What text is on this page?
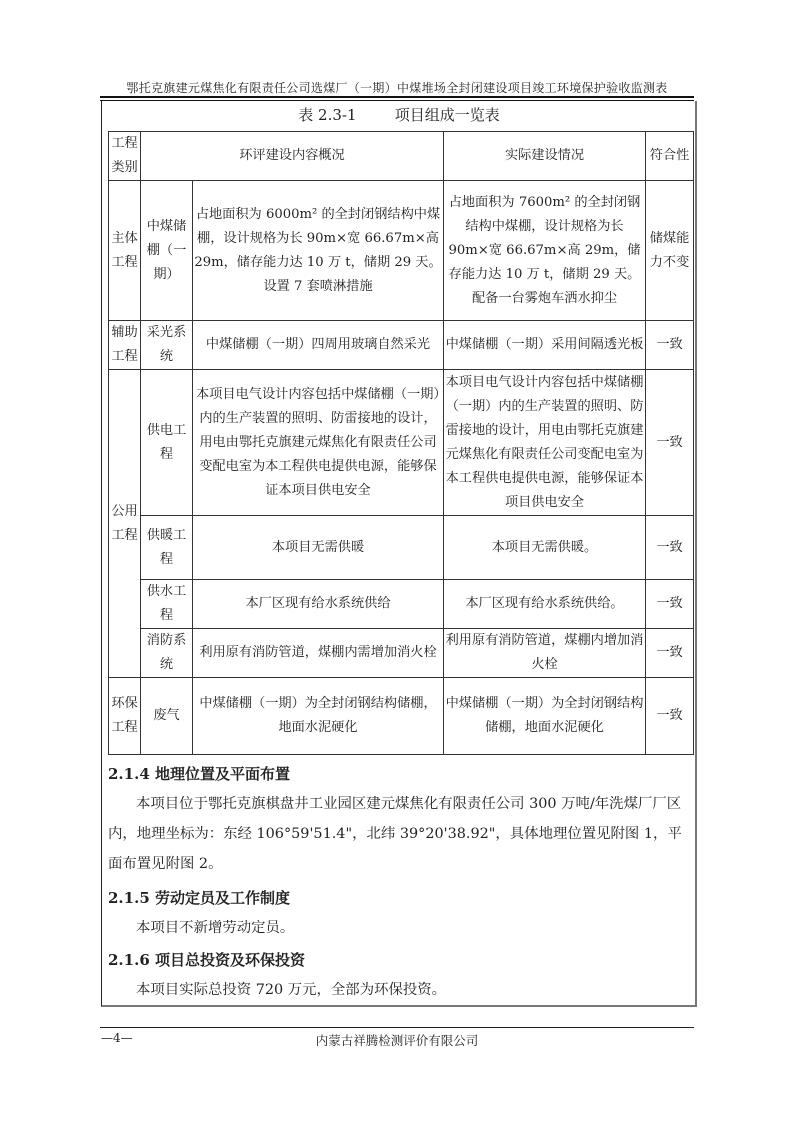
鄂托克旗建元煤焦化有限责任公司选煤厂（一期）中煤堆场全封闭建设项目竣工环境保护验收监测表
表 2.3-1	项目组成一览表
工程类别	环评建设内容概况		实际建设情况	符合性
主体工程	中煤储棚（一期）	占地面积为 6000m² 的全封闭钢结构中煤棚，设计规格为长 90m×宽 66.67m×高 29m，储存能力达 10 万 t，储期 29 天。设置 7 套喷淋措施	占地面积为 7600m² 的全封闭钢结构中煤棚，设计规格为长 90m×宽 66.67m×高 29m，储存能力达 10 万 t，储期 29 天。配备一台雾炮车洒水抑尘	储煤能力不变
辅助工程	采光系统	中煤储棚（一期）四周用玻璃自然采光	中煤储棚（一期）采用间隔透光板	一致
公用工程	供电工程	本项目电气设计内容包括中煤储棚（一期）内的生产装置的照明、防雷接地的设计，用电由鄂托克旗建元煤焦化有限责任公司变配电室为本工程供电提供电源，能够保证本项目供电安全	本项目电气设计内容包括中煤储棚（一期）内的生产装置的照明、防雷接地的设计，用电由鄂托克旗建元煤焦化有限责任公司变配电室为本工程供电提供电源，能够保证本项目供电安全	一致
	供暖工程	本项目无需供暖	本项目无需供暖。	一致
	供水工程	本厂区现有给水系统供给	本厂区现有给水系统供给。	一致
	消防系统	利用原有消防管道，煤棚内需增加消火栓	利用原有消防管道，煤棚内增加消火栓	一致
环保工程	废气	中煤储棚（一期）为全封闭钢结构储棚，地面水泥硬化	中煤储棚（一期）为全封闭钢结构储棚，地面水泥硬化	一致
2.1.4 地理位置及平面布置
本项目位于鄂托克旗棋盘井工业园区建元煤焦化有限责任公司 300 万吨/年洗煤厂厂区内，地理坐标为：东经 106°59'51.4"，北纬 39°20'38.92"，具体地理位置见附图 1，平面布置见附图 2。
2.1.5 劳动定员及工作制度
本项目不新增劳动定员。
2.1.6 项目总投资及环保投资
本项目实际总投资 720 万元，全部为环保投资。
—4—	内蒙古祥腾检测评价有限公司
